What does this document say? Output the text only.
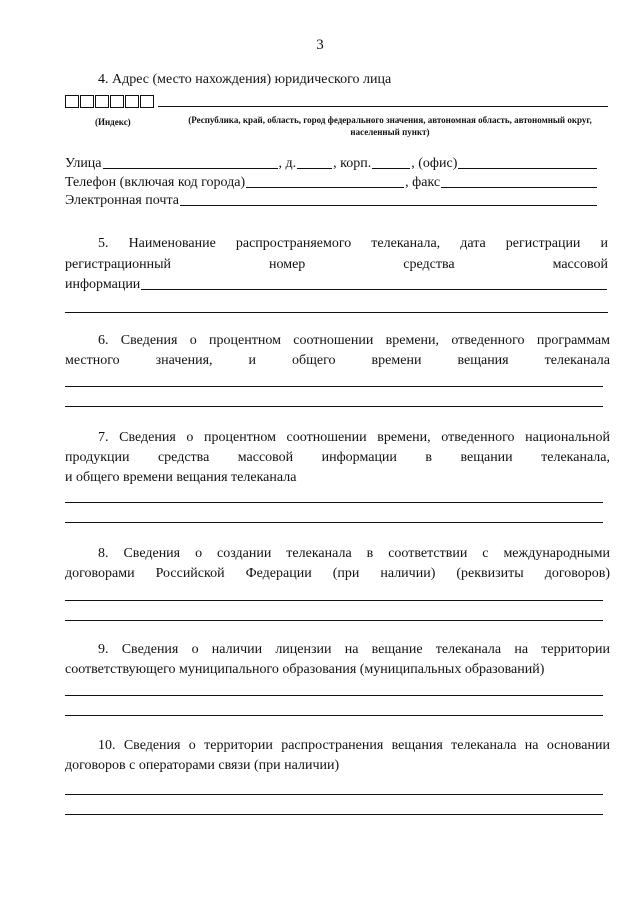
3
4. Адрес (место нахождения) юридического лица
(Индекс)	(Республика, край, область, город федерального значения, автономная область, автономный округ, населенный пункт)
Улица	, д.	, корп.	, (офис)
Телефон (включая код города)	, факс
Электронная почта
5. Наименование распространяемого телеканала, дата регистрации и
регистрационный номер средства массовой
информации
6. Сведения о процентном соотношении времени, отведенного программам
местного значения, и общего времени вещания телеканала
7. Сведения о процентном соотношении времени, отведенного национальной
продукции средства массовой информации в вещании телеканала,
и общего времени вещания телеканала
8. Сведения о создании телеканала в соответствии с международными
договорами Российской Федерации (при наличии) (реквизиты договоров)
9. Сведения о наличии лицензии на вещание телеканала на территории
соответствующего муниципального образования (муниципальных образований)
10. Сведения о территории распространения вещания телеканала на основании
договоров с операторами связи (при наличии)
